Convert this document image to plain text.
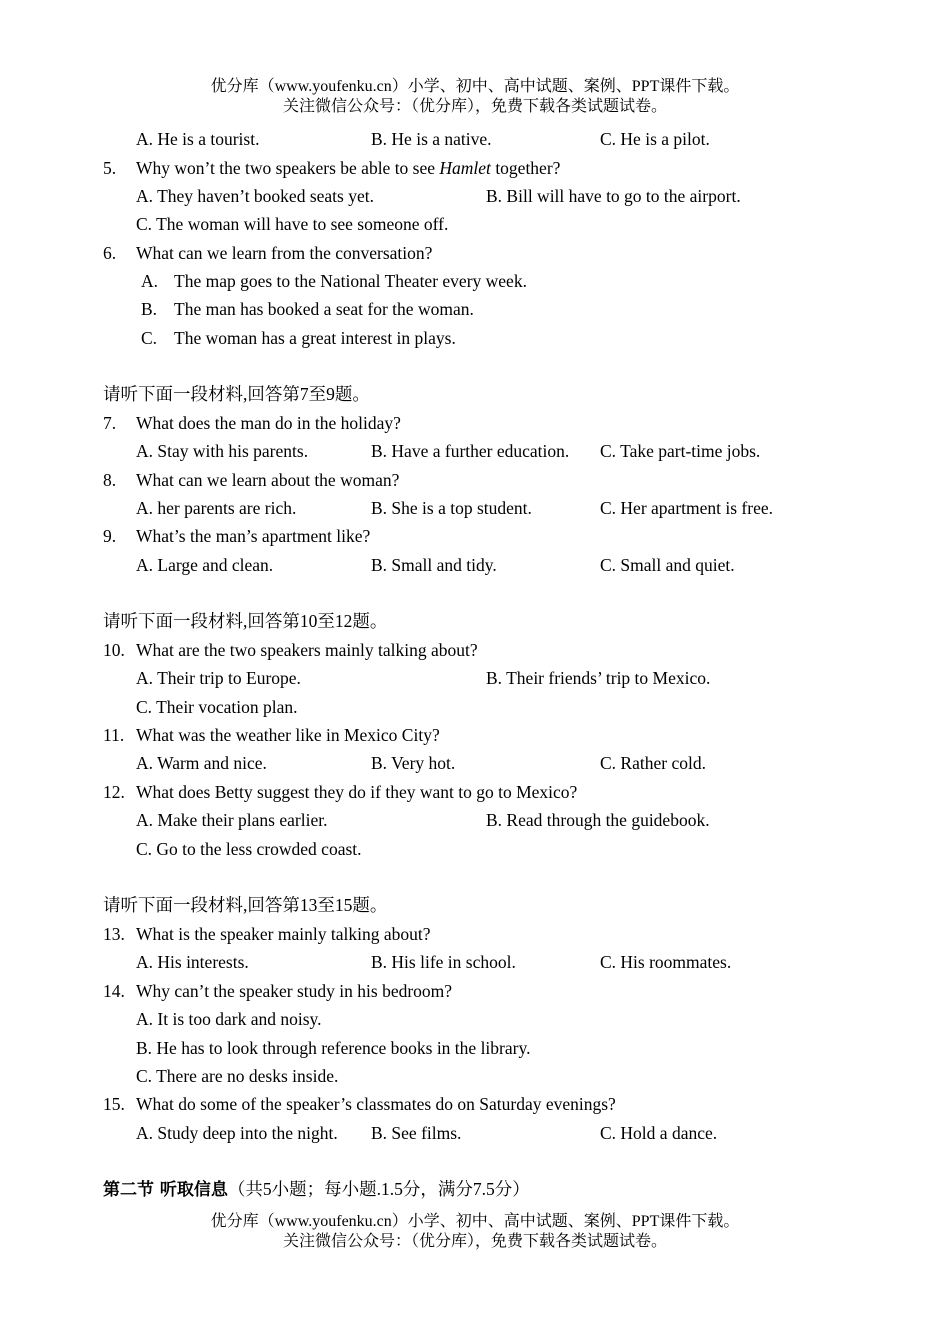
优分库（www.youfenku.cn）小学、初中、高中试题、案例、PPT课件下载。
关注微信公众号：（优分库），免费下载各类试题试卷。
A. He is a tourist.	B. He is a native.	C. He is a pilot.
5. Why won’t the two speakers be able to see Hamlet together?
A. They haven’t booked seats yet.	B. Bill will have to go to the airport.
C. The woman will have to see someone off.
6. What can we learn from the conversation?
A. The map goes to the National Theater every week.
B. The man has booked a seat for the woman.
C. The woman has a great interest in plays.
请听下面一段材料,回答第7至9题。
7. What does the man do in the holiday?
A. Stay with his parents.	B. Have a further education. C. Take part-time jobs.
8. What can we learn about the woman?
A. her parents are rich.	B. She is a top student.	C. Her apartment is free.
9. What’s the man’s apartment like?
A. Large and clean.	B. Small and tidy.	C. Small and quiet.
请听下面一段材料,回答第10至12题。
10. What are the two speakers mainly talking about?
A. Their trip to Europe.	B. Their friends’ trip to Mexico.
C. Their vocation plan.
11. What was the weather like in Mexico City?
A. Warm and nice.	B. Very hot.	C. Rather cold.
12. What does Betty suggest they do if they want to go to Mexico?
A. Make their plans earlier.	B. Read through the guidebook.
C. Go to the less crowded coast.
请听下面一段材料,回答第13至15题。
13. What is the speaker mainly talking about?
A. His interests.	B. His life in school.	C. His roommates.
14. Why can’t the speaker study in his bedroom?
A. It is too dark and noisy.
B. He has to look through reference books in the library.
C. There are no desks inside.
15. What do some of the speaker’s classmates do on Saturday evenings?
A. Study deep into the night. B. See films.	C. Hold a dance.
第二节 听取信息（共5小题；每小题.1.5分，满分7.5分）
优分库（www.youfenku.cn）小学、初中、高中试题、案例、PPT课件下载。
关注微信公众号：（优分库），免费下载各类试题试卷。
